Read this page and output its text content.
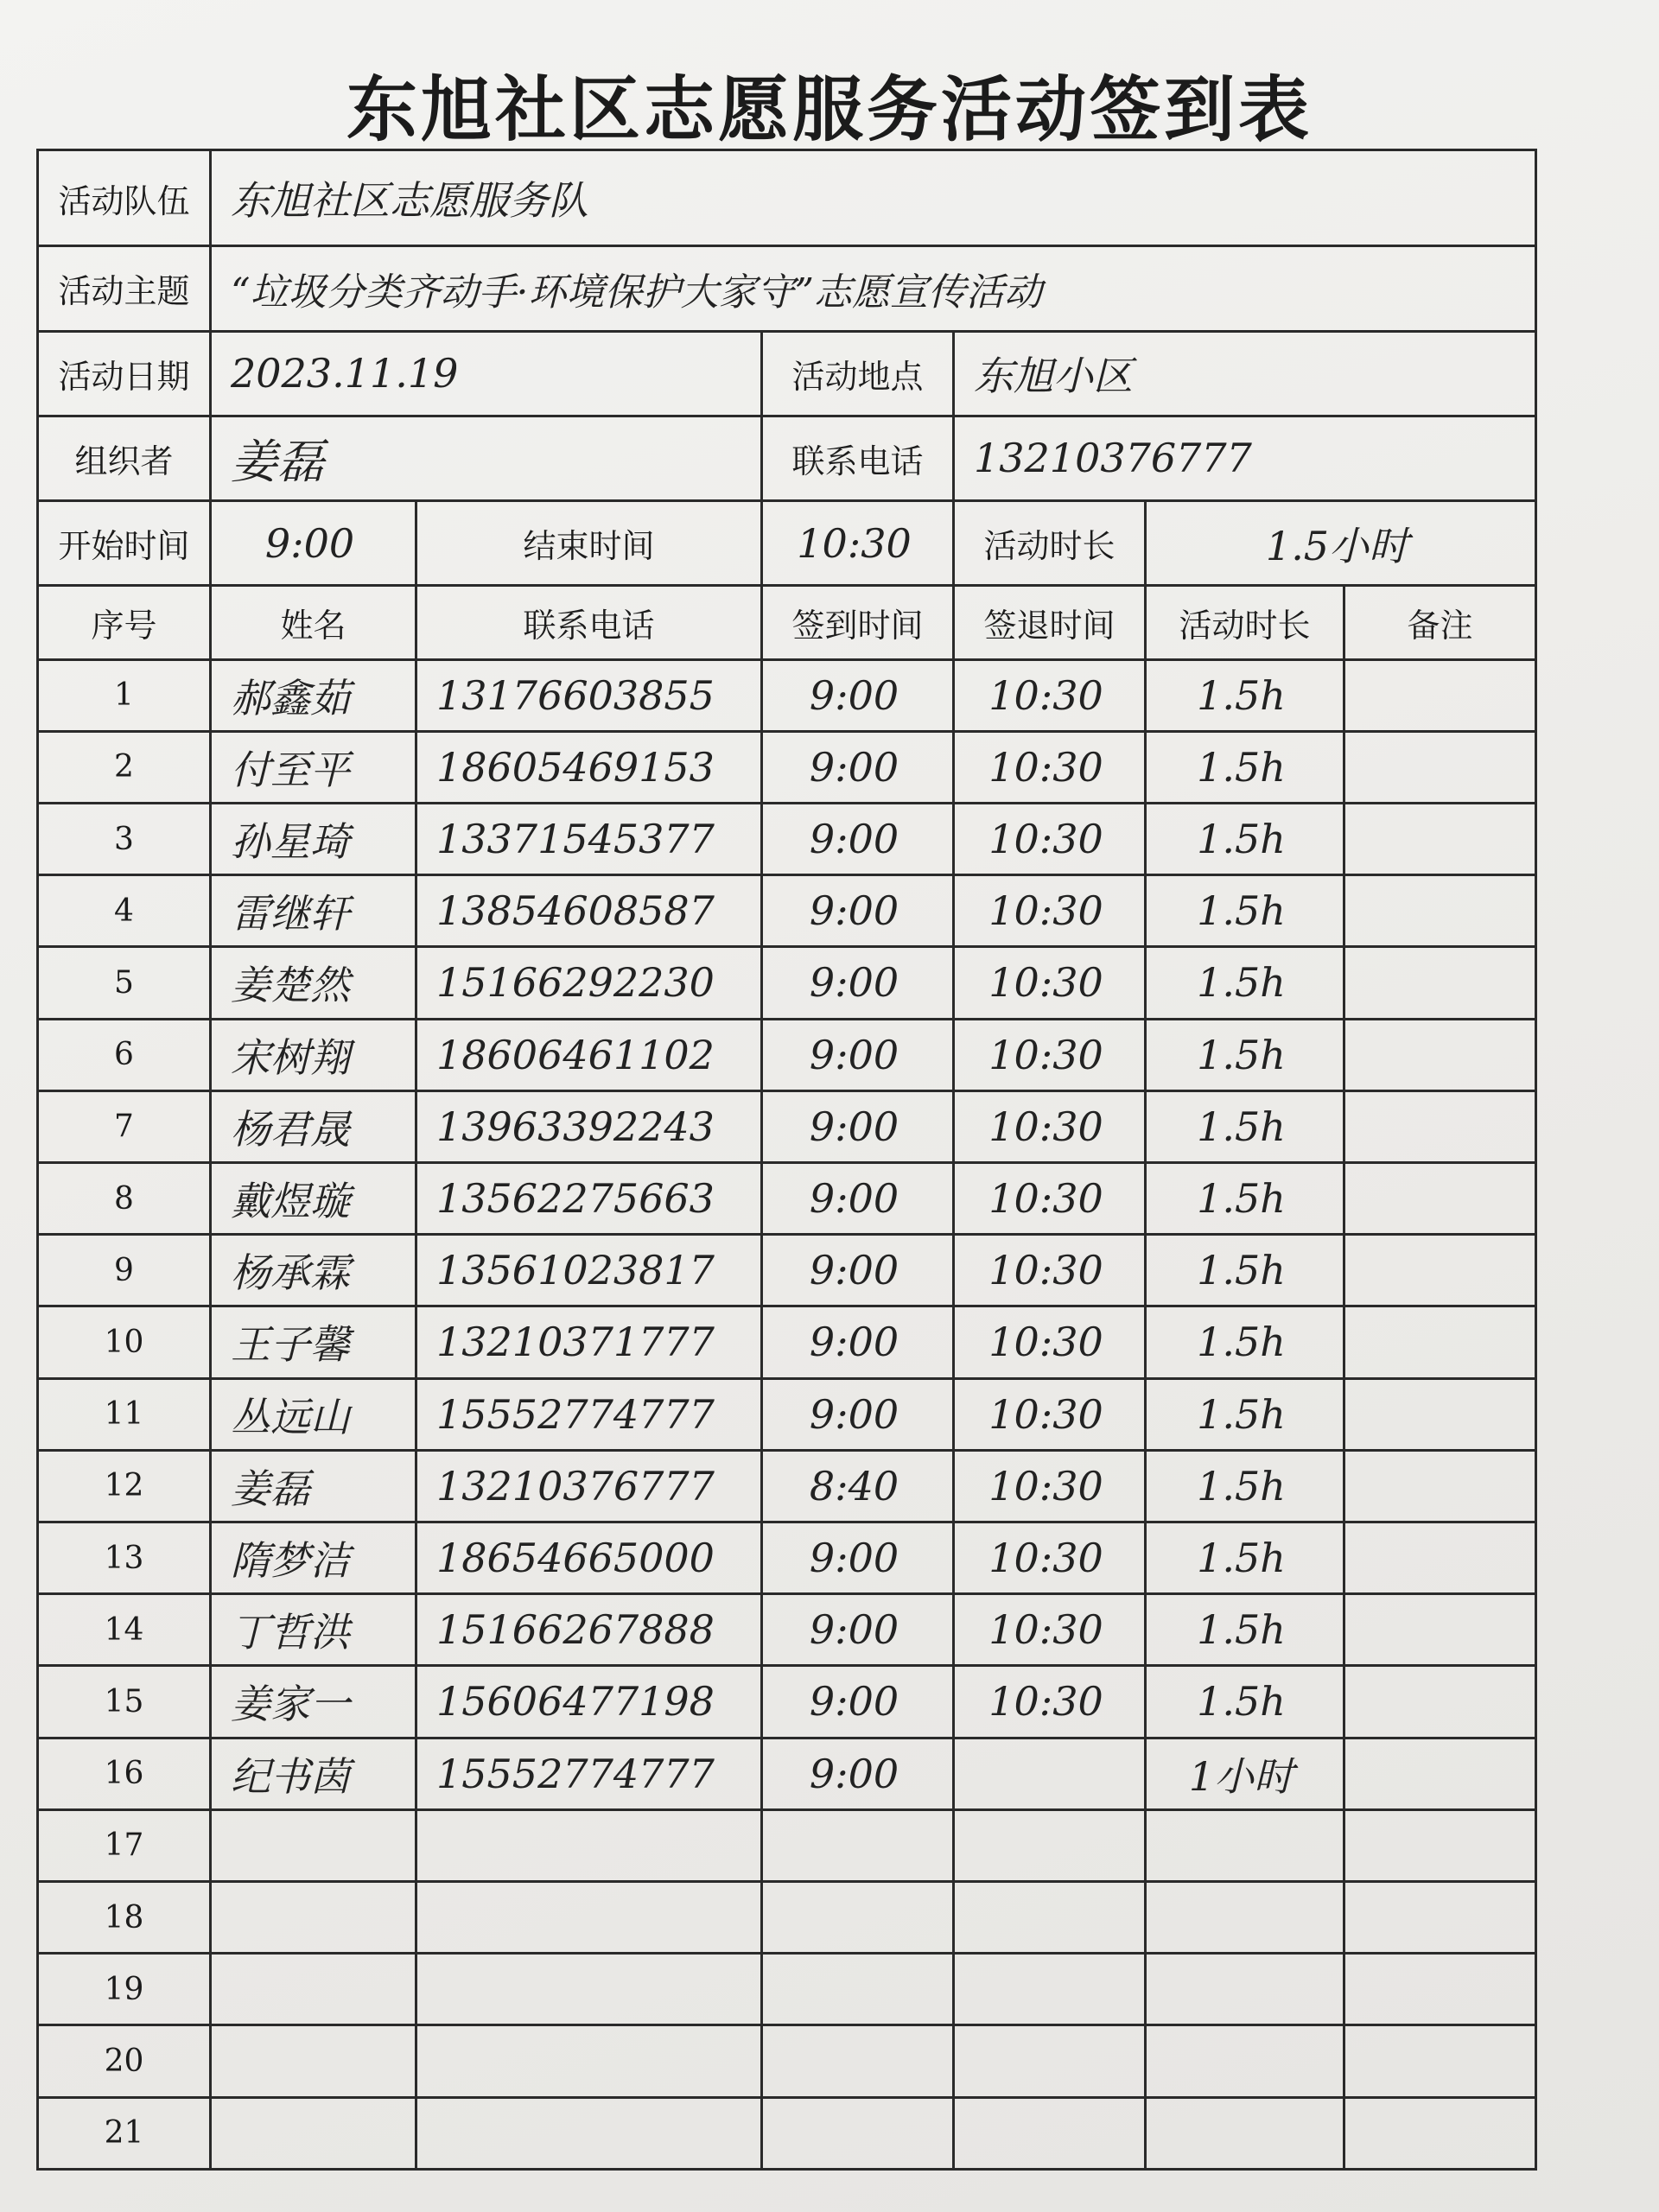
东旭社区志愿服务活动签到表
活动队伍	东旭社区志愿服务队					
活动主题	“垃圾分类齐动手·环境保护大家守”志愿宣传活动					
活动日期	2023.11.19		活动地点	东旭小区		
组织者	姜磊		联系电话	13210376777		
开始时间	9:00	结束时间	10:30	活动时长	1.5小时	
序号	姓名	联系电话	签到时间	签退时间	活动时长	备注
1	郝鑫茹	13176603855	9:00	10:30	1.5h	
2	付至平	18605469153	9:00	10:30	1.5h	
3	孙星琦	13371545377	9:00	10:30	1.5h	
4	雷继轩	13854608587	9:00	10:30	1.5h	
5	姜楚然	15166292230	9:00	10:30	1.5h	
6	宋树翔	18606461102	9:00	10:30	1.5h	
7	杨君晟	13963392243	9:00	10:30	1.5h	
8	戴煜璇	13562275663	9:00	10:30	1.5h	
9	杨承霖	13561023817	9:00	10:30	1.5h	
10	王子馨	13210371777	9:00	10:30	1.5h	
11	丛远山	15552774777	9:00	10:30	1.5h	
12	姜磊	13210376777	8:40	10:30	1.5h	
13	隋梦洁	18654665000	9:00	10:30	1.5h	
14	丁哲洪	15166267888	9:00	10:30	1.5h	
15	姜家一	15606477198	9:00	10:30	1.5h	
16	纪书茵	15552774777	9:00		1小时	
17						
18						
19						
20						
21						
